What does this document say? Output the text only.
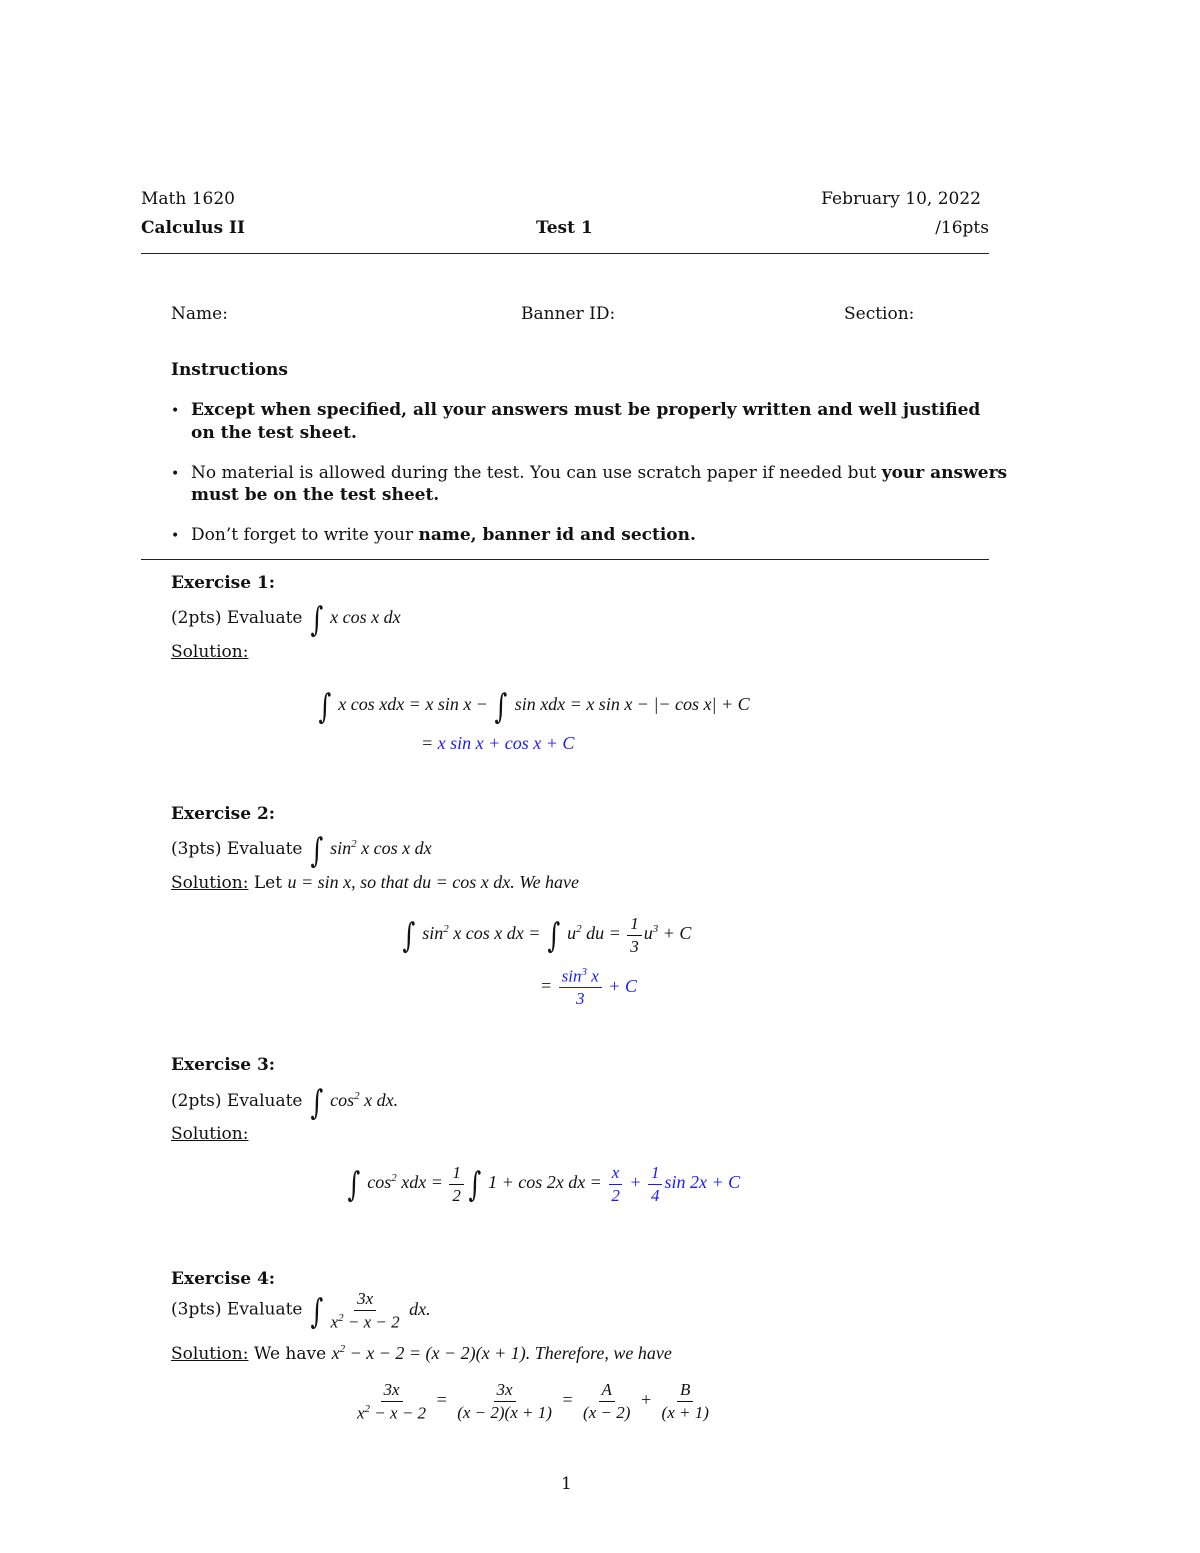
Math 1620	February 10, 2022
Calculus II	Test 1	/16pts
Name:	Banner ID:	Section:
Instructions
• Except when specified, all your answers must be properly written and well justified
on the test sheet.
• No material is allowed during the test. You can use scratch paper if needed but your answers
must be on the test sheet.
• Don’t forget to write your name, banner id and section.
Exercise 1:
(2pts) Evaluate ∫ x cos x dx
Solution:
∫ x cos xdx = x sin x − ∫ sin xdx = x sin x − |− cos x| + C
= x sin x + cos x + C
Exercise 2:
(3pts) Evaluate ∫ $\sin^2 x$ cos x dx
Solution: Let u = sin x, so that du = cos x dx. We have
∫ $\sin^2 x$ cos x dx = ∫ $u^2$ du = $\frac{1}{3} u^3 + C$
= $\frac{\sin^3 x}{3} + C$
Exercise 3:
(2pts) Evaluate ∫ $\cos^2 x$ dx.
Solution:
∫ $\cos^2$ xdx = $\frac{1}{2}$ ∫ 1 + cos 2x dx = $\frac{x}{2} + \frac{1}{4}$ sin 2x + C
Exercise 4:
(3pts) Evaluate ∫ $\frac{3x}{x^2 - x - 2}$ dx.
Solution: We have $x^2 - x - 2 = (x - 2)(x + 1)$. Therefore, we have
$\frac{3x}{x^2 - x - 2} = \frac{3x}{(x - 2)(x + 1)} = \frac{A}{(x - 2)} + \frac{B}{(x + 1)}$
1
